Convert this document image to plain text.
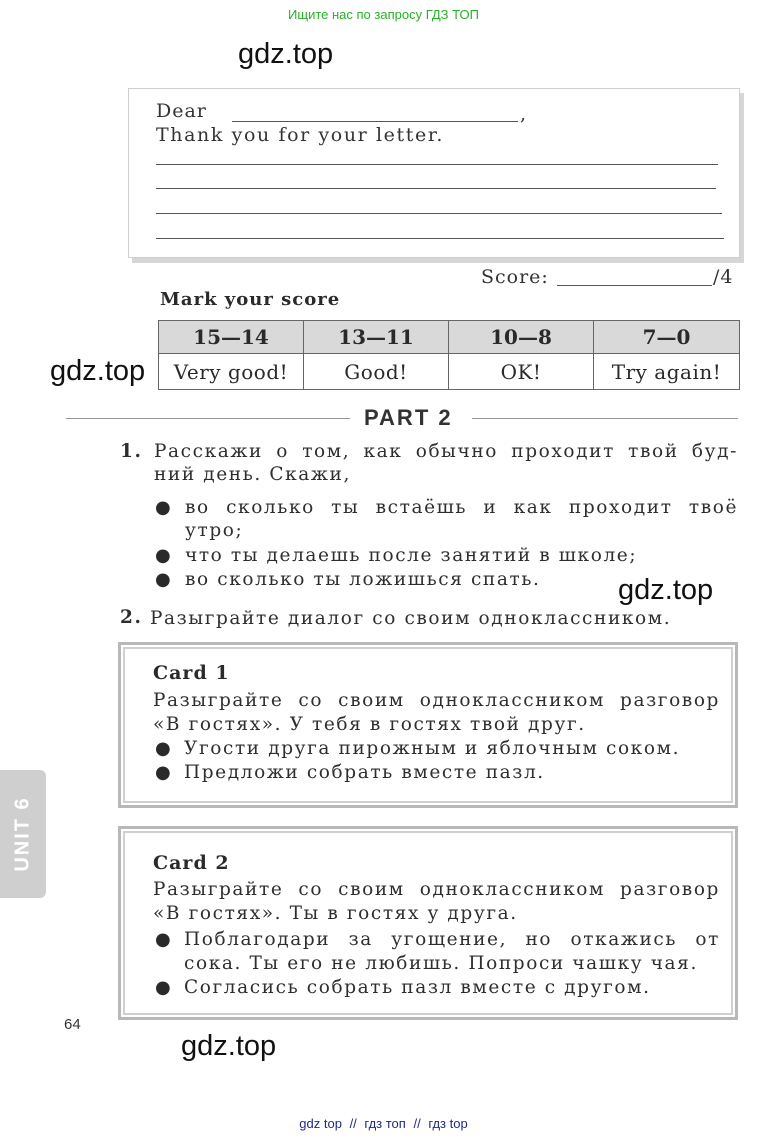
Ищите нас по запросу ГДЗ ТОП
gdz.top
gdz.top
gdz.top
gdz.top
Dear	,
Thank you for your letter.
Score:	/4
Mark your score
15—14	13—11	10—8	7—0
Very good!	Good!	OK!	Try again!
PART 2
1. Расскажи о том, как обычно проходит твой буд-
ний день. Скажи,
● во сколько ты встаёшь и как проходит твоё
утро;
● что ты делаешь после занятий в школе;
● во сколько ты ложишься спать.
2. Разыграйте диалог со своим одноклассником.
Card 1
Разыграйте со своим одноклассником разговор
«В гостях». У тебя в гостях твой друг.
● Угости друга пирожным и яблочным соком.
● Предложи собрать вместе пазл.
Card 2
Разыграйте со своим одноклассником разговор
«В гостях». Ты в гостях у друга.
● Поблагодари за угощение, но откажись от
сока. Ты его не любишь. Попроси чашку чая.
● Согласись собрать пазл вместе с другом.
UNIT 6
64
gdz top // гдз топ // гдз top
